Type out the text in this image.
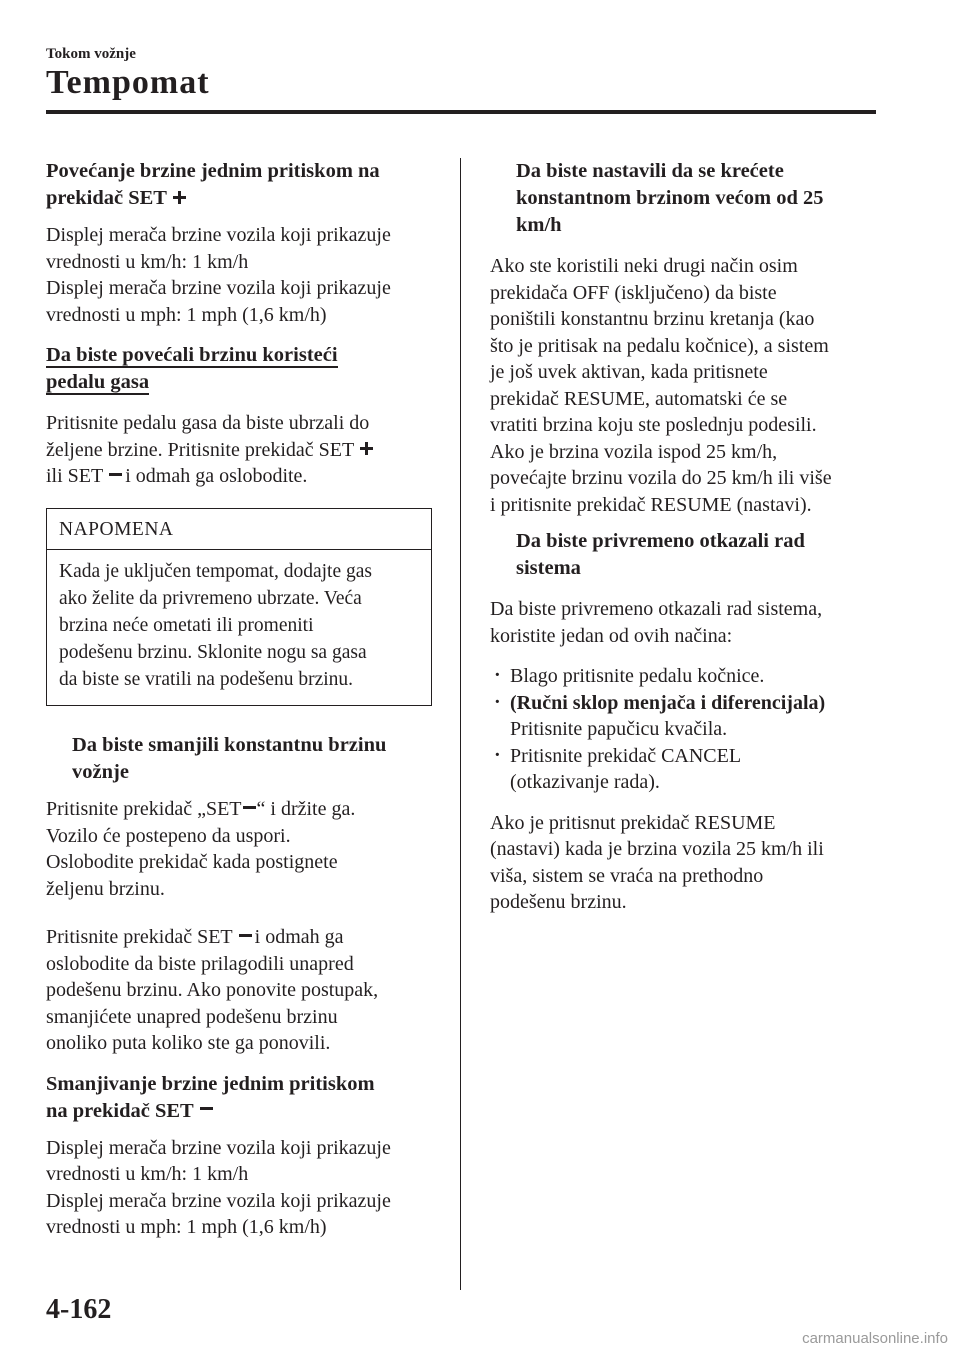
Tokom vožnje
Tempomat
Povećanje brzine jednim pritiskom na prekidač SET

Displej merača brzine vozila koji prikazuje
vrednosti u km/h: 1 km/h
Displej merača brzine vozila koji prikazuje
vrednosti u mph: 1 mph (1,6 km/h)

Da biste povećali brzinu koristeći
pedalu gasa

Pritisnite pedalu gasa da biste ubrzali do
željene brzine. Pritisnite prekidač SET
ili SET i odmah ga oslobodite.

NAPOMENA
Kada je uključen tempomat, dodajte gas
ako želite da privremeno ubrzate. Veća
brzina neće ometati ili promeniti
podešenu brzinu. Sklonite nogu sa gasa
da biste se vratili na podešenu brzinu.
Da biste smanjili konstantnu brzinu
vožnje

Pritisnite prekidač „SET “ i držite ga.
Vozilo će postepeno da uspori.
Oslobodite prekidač kada postignete
željenu brzinu.

Pritisnite prekidač SET i odmah ga
oslobodite da biste prilagodili unapred
podešenu brzinu. Ako ponovite postupak,
smanjićete unapred podešenu brzinu
onoliko puta koliko ste ga ponovili.

Smanjivanje brzine jednim pritiskom
na prekidač SET

Displej merača brzine vozila koji prikazuje
vrednosti u km/h: 1 km/h
Displej merača brzine vozila koji prikazuje
vrednosti u mph: 1 mph (1,6 km/h)

Da biste nastavili da se krećete
konstantnom brzinom većom od 25
km/h

Ako ste koristili neki drugi način osim
prekidača OFF (isključeno) da biste
poništili konstantnu brzinu kretanja (kao
što je pritisak na pedalu kočnice), a sistem
je još uvek aktivan, kada pritisnete
prekidač RESUME, automatski će se
vratiti brzina koju ste poslednju podesili.
Ako je brzina vozila ispod 25 km/h,
povećajte brzinu vozila do 25 km/h ili više
i pritisnite prekidač RESUME (nastavi).

Da biste privremeno otkazali rad
sistema

Da biste privremeno otkazali rad sistema,
koristite jedan od ovih načina:

· Blago pritisnite pedalu kočnice.
· (Ručni sklop menjača i diferencijala)
Pritisnite papučicu kvačila.
· Pritisnite prekidač CANCEL
(otkazivanje rada).

Ako je pritisnut prekidač RESUME
(nastavi) kada je brzina vozila 25 km/h ili
viša, sistem se vraća na prethodno
podešenu brzinu.

4-162
carmanualsonline.info
